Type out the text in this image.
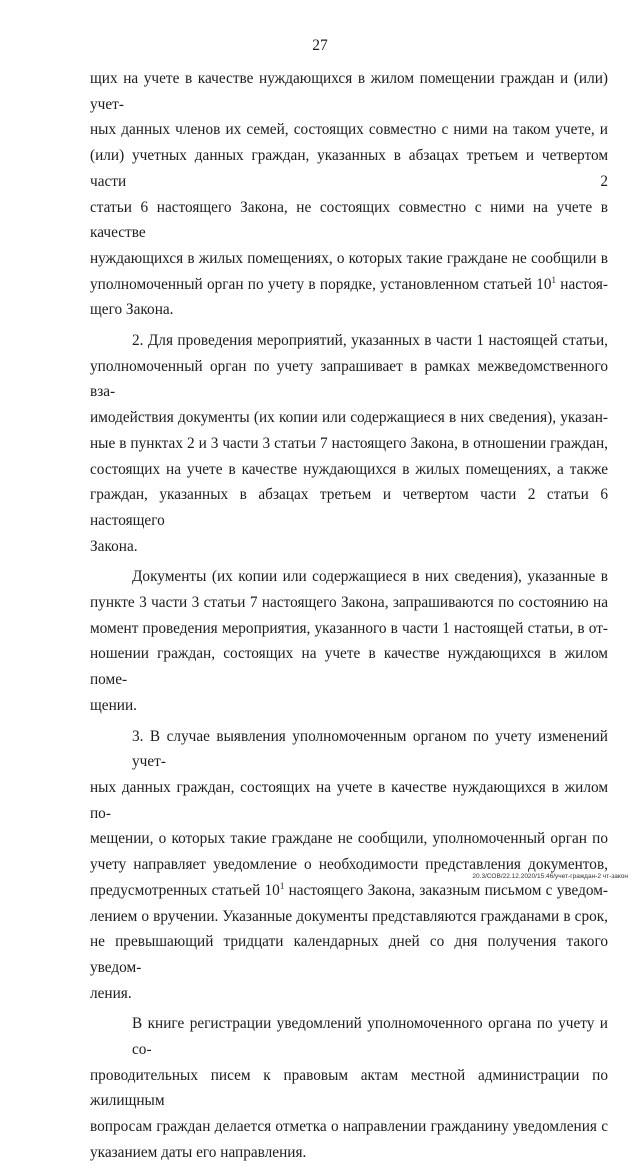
27

щих на учете в качестве нуждающихся в жилом помещении граждан и (или) учет-
ных данных членов их семей, состоящих совместно с ними на таком учете, и
(или) учетных данных граждан, указанных в абзацах третьем и четвертом части 2
статьи 6 настоящего Закона, не состоящих совместно с ними на учете в качестве
нуждающихся в жилых помещениях, о которых такие граждане не сообщили в
уполномоченный орган по учету в порядке, установленном статьей $10^1$ настоя-
щего Закона.

2. Для проведения мероприятий, указанных в части 1 настоящей статьи,
уполномоченный орган по учету запрашивает в рамках межведомственного вза-
имодействия документы (их копии или содержащиеся в них сведения), указан-
ные в пунктах 2 и 3 части 3 статьи 7 настоящего Закона, в отношении граждан,
состоящих на учете в качестве нуждающихся в жилых помещениях, а также
граждан, указанных в абзацах третьем и четвертом части 2 статьи 6 настоящего
Закона.

Документы (их копии или содержащиеся в них сведения), указанные в
пункте 3 части 3 статьи 7 настоящего Закона, запрашиваются по состоянию на
момент проведения мероприятия, указанного в части 1 настоящей статьи, в от-
ношении граждан, состоящих на учете в качестве нуждающихся в жилом поме-
щении.

3. В случае выявления уполномоченным органом по учету изменений учет-
ных данных граждан, состоящих на учете в качестве нуждающихся в жилом по-
мещении, о которых такие граждане не сообщили, уполномоченный орган по
учету направляет уведомление о необходимости представления документов,
предусмотренных статьей $10^1$ настоящего Закона, заказным письмом с уведом-
лением о вручении. Указанные документы представляются гражданами в срок,
не превышающий тридцати календарных дней со дня получения такого уведом-
ления.

В книге регистрации уведомлений уполномоченного органа по учету и со-
проводительных писем к правовым актам местной администрации по жилищным
вопросам граждан делается отметка о направлении гражданину уведомления с
указанием даты его направления.

20.3/СОВ/22.12.2020/15:46/учет-граждан-2 чт-закон
